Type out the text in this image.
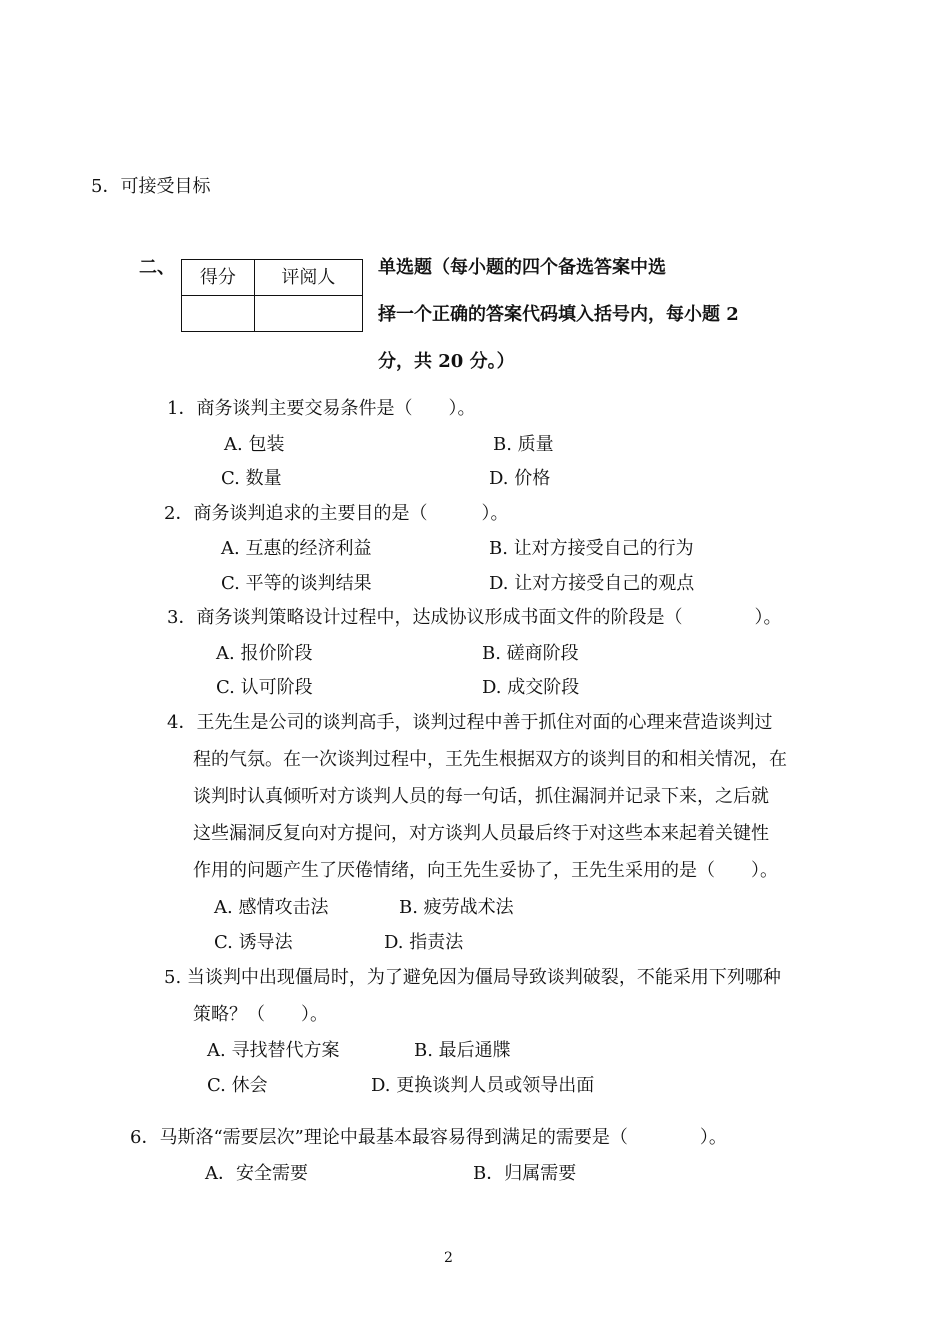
5．可接受目标
二、 得分	评阅人
	单选题（每小题的四个备选答案中选
择一个正确的答案代码填入括号内，每小题 2
分，共 20 分。）
1．商务谈判主要交易条件是（　　）。
A. 包装	B. 质量
C. 数量	D. 价格
2．商务谈判追求的主要目的是（　　　）。
A. 互惠的经济利益	B. 让对方接受自己的行为
C. 平等的谈判结果	D. 让对方接受自己的观点
3．商务谈判策略设计过程中，达成协议形成书面文件的阶段是（　　　　）。
A. 报价阶段	B. 磋商阶段
C. 认可阶段	D. 成交阶段
4．王先生是公司的谈判高手，谈判过程中善于抓住对面的心理来营造谈判过
程的气氛。在一次谈判过程中，王先生根据双方的谈判目的和相关情况，在
谈判时认真倾听对方谈判人员的每一句话，抓住漏洞并记录下来，之后就
这些漏洞反复向对方提问，对方谈判人员最后终于对这些本来起着关键性
作用的问题产生了厌倦情绪，向王先生妥协了，王先生采用的是（　　）。
A. 感情攻击法	B. 疲劳战术法
C. 诱导法	D. 指责法
5. 当谈判中出现僵局时，为了避免因为僵局导致谈判破裂，不能采用下列哪种
策略？（　　）。
A. 寻找替代方案	B. 最后通牒
C. 休会	D. 更换谈判人员或领导出面
6．马斯洛“需要层次”理论中最基本最容易得到满足的需要是（　　　　）。
A．安全需要	B．归属需要
2
